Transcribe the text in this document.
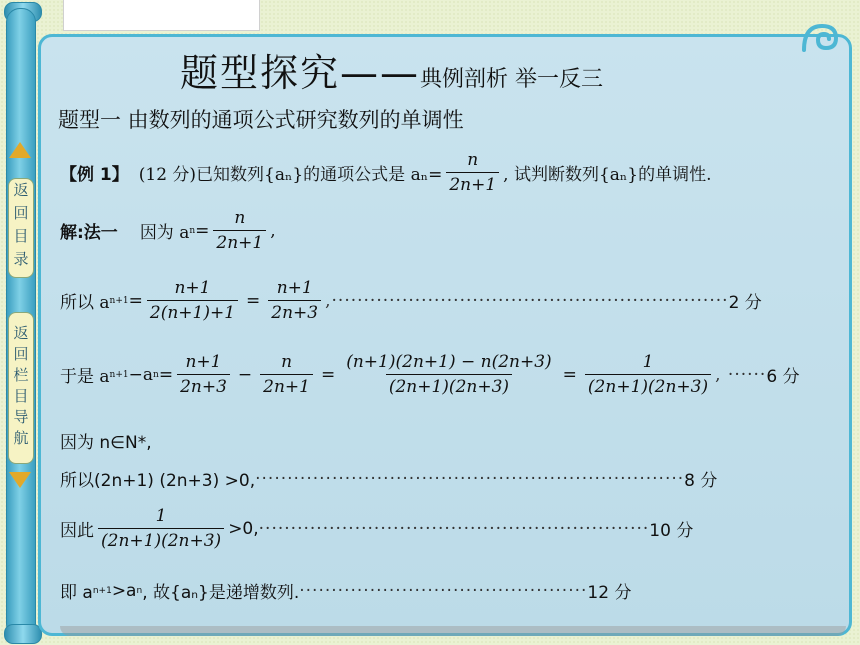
返回目录
返回栏目导航
题型探究——典例剖析 举一反三
题型一 由数列的通项公式研究数列的单调性
【例 1】 (12 分) 已知数列{aₙ}的通项公式是 $a_n= \frac{n}{2n+1}$ , 试判断数列{aₙ}的单调性.
解:法一 因为 a $n = \frac{n}{2n+1}$ ,
所以 a $n+1 = \frac{n+1}{2(n+1)+1} = \frac{n+1}{2n+3}$ ,······························································ 2 分
于是 a n+1 −a $n = \frac{n+1}{2n+3} - \frac{n}{2n+1} = \frac{(n+1)(2n+1) - n(2n+3)}{(2n+1)(2n+3)} = \frac{1}{(2n+1)(2n+3)}$ , ······ 6 分
因为 n∈N*,
所以(2n+1) (2n+3) >0, ··································································· 8 分
因此 $\frac{1}{(2n+1)(2n+3)} >0$, ····························································· 10 分
即 a n+1 >a n , 故{aₙ}是递增数列. ············································· 12 分
